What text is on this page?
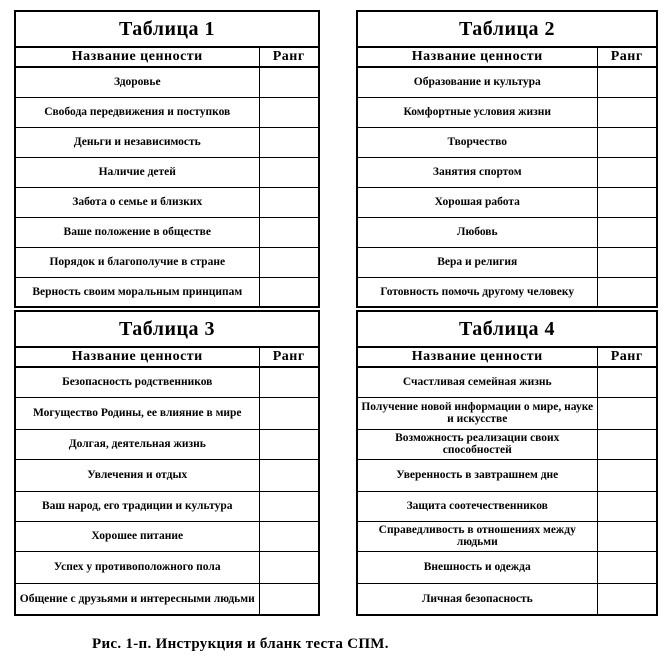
Таблица 1	
Название ценности	Ранг
Здоровье	
Свобода передвижения и поступков	
Деньги и независимость	
Наличие детей	
Забота о семье и близких	
Ваше положение в обществе	
Порядок и благополучие в стране	
Верность своим моральным принципам	
Таблица 2	
Название ценности	Ранг
Образование и культура	
Комфортные условия жизни	
Творчество	
Занятия спортом	
Хорошая работа	
Любовь	
Вера и религия	
Готовность помочь другому человеку	
Таблица 3	
Название ценности	Ранг
Безопасность родственников	
Могущество Родины, ее влияние в мире	
Долгая, деятельная жизнь	
Увлечения и отдых	
Ваш народ, его традиции и культура	
Хорошее питание	
Успех у противоположного пола	
Общение с друзьями и интересными людьми	
Таблица 4	
Название ценности	Ранг
Счастливая семейная жизнь	
Получение новой информации о мире, науке и искусстве	
Возможность реализации своих способностей	
Уверенность в завтрашнем дне	
Защита соотечественников	
Справедливость в отношениях между людьми	
Внешность и одежда	
Личная безопасность	
Рис. 1-п. Инструкция и бланк теста СПМ.
